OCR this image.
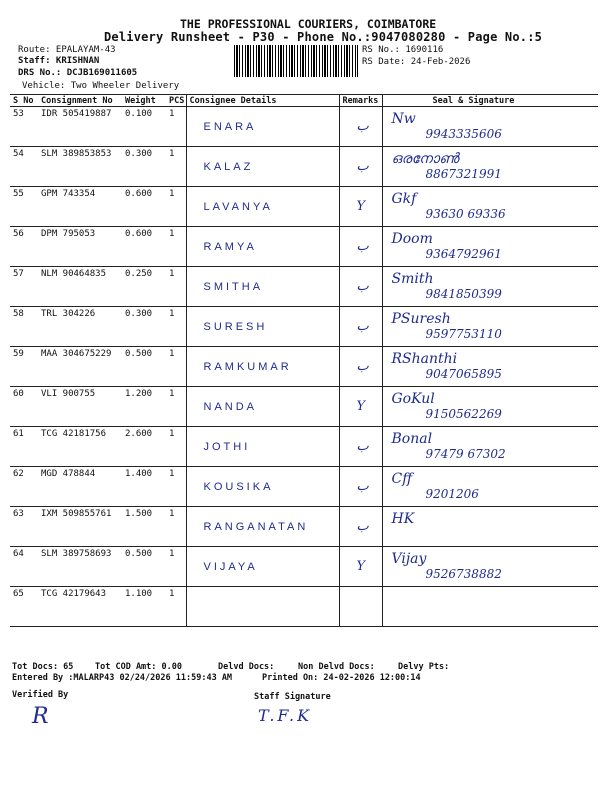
THE PROFESSIONAL COURIERS, COIMBATORE
Delivery Runsheet - P30 - Phone No.:9047080280 - Page No.:5
Route: EPALAYAM-43
Staff: KRISHNAN
DRS No.: DCJB169011605
Vehicle: Two Wheeler Delivery
RS No.: 1690116
RS Date: 24-Feb-2026
S No	Consignment No	Weight	PCS	Consignee Details	Remarks	Seal & Signature
53	IDR 505419887	0.100	1	ENARA	ب	Nw
9943335606

54	SLM 389853853	0.300	1	KALAZ	ب	ഒരനോൺ
8867321991

55	GPM 743354	0.600	1	LAVANYA	Y	Gkf
93630 69336

56	DPM 795053	0.600	1	RAMYA	ب	Doom
9364792961

57	NLM 90464835	0.250	1	SMITHA	ب	Smith
9841850399

58	TRL 304226	0.300	1	SURESH	ب	PSuresh
9597753110

59	MAA 304675229	0.500	1	RAMKUMAR	ب	RShanthi
9047065895

60	VLI 900755	1.200	1	NANDA	Y	GoKul
9150562269

61	TCG 42181756	2.600	1	JOTHI	ب	Bonal
97479 67302

62	MGD 478844	1.400	1	KOUSIKA	ب	Cff
9201206

63	IXM 509855761	1.500	1	RANGANATAN	ب	HK

64	SLM 389758693	0.500	1	VIJAYA	Y	Vijay
9526738882

65	TCG 42179643	1.100	1	

Tot Docs: 65	Tot COD Amt: 0.00	Delvd Docs:	Non Delvd Docs:	Delvy Pts:
Entered By :MALARP43 02/24/2026 11:59:43 AM	Printed On: 24-02-2026 12:00:14
Verified By	Staff Signature
R	T.F.K
